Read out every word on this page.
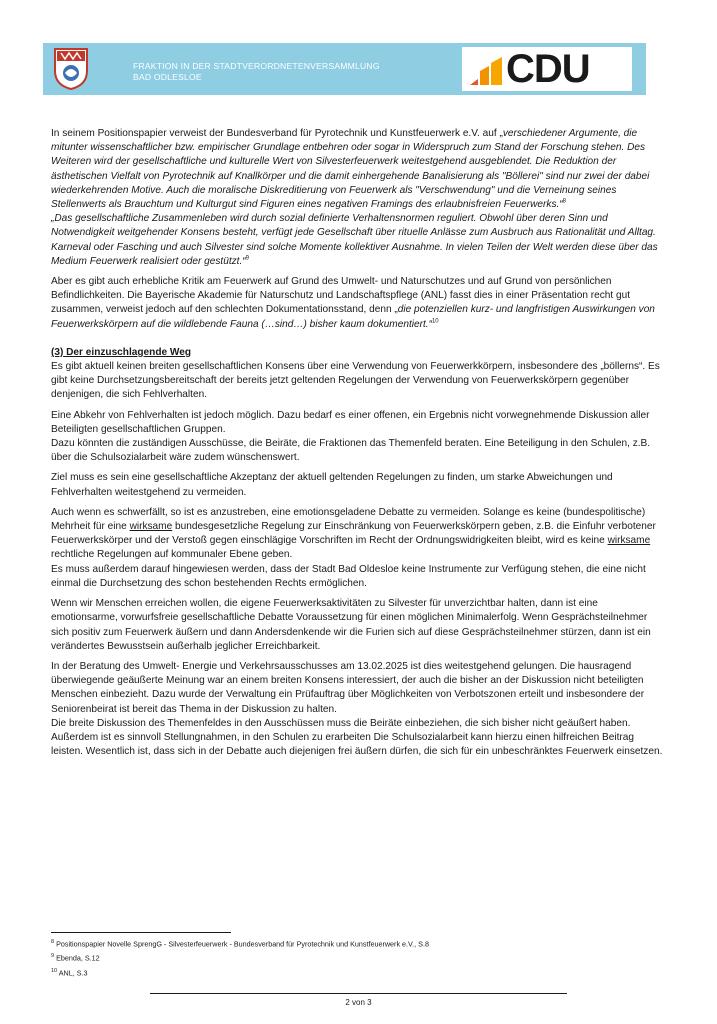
FRAKTION IN DER STADTVERORDNETENVERSAMMLUNG
BAD ODLESLOE	CDU

In seinem Positionspapier verweist der Bundesverband für Pyrotechnik und Kunstfeuerwerk e.V. auf „verschiedener Argumente, die mitunter wissenschaftlicher bzw. empirischer Grundlage entbehren oder sogar in Widerspruch zum Stand der Forschung stehen. Des Weiteren wird der gesellschaftliche und kulturelle Wert von Silvesterfeuerwerk weitestgehend ausgeblendet. Die Reduktion der ästhetischen Vielfalt von Pyrotechnik auf Knallkörper und die damit einhergehende Banalisierung als "Böllerei" sind nur zwei der dabei wiederkehrenden Motive. Auch die moralische Diskreditierung von Feuerwerk als "Verschwendung" und die Verneinung seines Stellenwerts als Brauchtum und Kulturgut sind Figuren eines negativen Framings des erlaubnisfreien Feuerwerks.“$^8$
„Das gesellschaftliche Zusammenleben wird durch sozial definierte Verhaltensnormen reguliert. Obwohl über deren Sinn und Notwendigkeit weitgehender Konsens besteht, verfügt jede Gesellschaft über rituelle Anlässe zum Ausbruch aus Rationalität und Alltag. Karneval oder Fasching und auch Silvester sind solche Momente kollektiver Ausnahme. In vielen Teilen der Welt werden diese über das Medium Feuerwerk realisiert oder gestützt.“$^9$

Aber es gibt auch erhebliche Kritik am Feuerwerk auf Grund des Umwelt- und Naturschutzes und auf Grund von persönlichen Befindlichkeiten. Die Bayerische Akademie für Naturschutz und Landschaftspflege (ANL) fasst dies in einer Präsentation recht gut zusammen, verweist jedoch auf den schlechten Dokumentationsstand, denn „die potenziellen kurz- und langfristigen Auswirkungen von Feuerwerkskörpern auf die wildlebende Fauna (…sind…) bisher kaum dokumentiert.“$^{10}$

(3) Der einzuschlagende Weg

Es gibt aktuell keinen breiten gesellschaftlichen Konsens über eine Verwendung von Feuerwerkkörpern, insbesondere des „böllerns“. Es gibt keine Durchsetzungsbereitschaft der bereits jetzt geltenden Regelungen der Verwendung von Feuerwerkskörpern gegenüber denjenigen, die sich Fehlverhalten.

Eine Abkehr von Fehlverhalten ist jedoch möglich. Dazu bedarf es einer offenen, ein Ergebnis nicht vorwegnehmende Diskussion aller Beteiligten gesellschaftlichen Gruppen.
Dazu könnten die zuständigen Ausschüsse, die Beiräte, die Fraktionen das Themenfeld beraten. Eine Beteiligung in den Schulen, z.B. über die Schulsozialarbeit wäre zudem wünschenswert.

Ziel muss es sein eine gesellschaftliche Akzeptanz der aktuell geltenden Regelungen zu finden, um starke Abweichungen und Fehlverhalten weitestgehend zu vermeiden.

Auch wenn es schwerfällt, so ist es anzustreben, eine emotionsgeladene Debatte zu vermeiden. Solange es keine (bundespolitische) Mehrheit für eine wirksame bundesgesetzliche Regelung zur Einschränkung von Feuerwerkskörpern geben, z.B. die Einfuhr verbotener Feuerwerkskörper und der Verstoß gegen einschlägige Vorschriften im Recht der Ordnungswidrigkeiten bleibt, wird es keine wirksame rechtliche Regelungen auf kommunaler Ebene geben.
Es muss außerdem darauf hingewiesen werden, dass der Stadt Bad Oldesloe keine Instrumente zur Verfügung stehen, die eine nicht einmal die Durchsetzung des schon bestehenden Rechts ermöglichen.

Wenn wir Menschen erreichen wollen, die eigene Feuerwerksaktivitäten zu Silvester für unverzichtbar halten, dann ist eine emotionsarme, vorwurfsfreie gesellschaftliche Debatte Voraussetzung für einen möglichen Minimalerfolg. Wenn Gesprächsteilnehmer sich positiv zum Feuerwerk äußern und dann Andersdenkende wir die Furien sich auf diese Gesprächsteilnehmer stürzen, dann ist ein verändertes Bewusstsein außerhalb jeglicher Erreichbarkeit.

In der Beratung des Umwelt- Energie und Verkehrsausschusses am 13.02.2025 ist dies weitestgehend gelungen. Die hausragend überwiegende geäußerte Meinung war an einem breiten Konsens interessiert, der auch die bisher an der Diskussion nicht beteiligten Menschen einbezieht. Dazu wurde der Verwaltung ein Prüfauftrag über Möglichkeiten von Verbotszonen erteilt und insbesondere der Seniorenbeirat ist bereit das Thema in der Diskussion zu halten.
Die breite Diskussion des Themenfeldes in den Ausschüssen muss die Beiräte einbeziehen, die sich bisher nicht geäußert haben. Außerdem ist es sinnvoll Stellungnahmen, in den Schulen zu erarbeiten Die Schulsozialarbeit kann hierzu einen hilfreichen Beitrag leisten. Wesentlich ist, dass sich in der Debatte auch diejenigen frei äußern dürfen, die sich für ein unbeschränktes Feuerwerk einsetzen.

$^8$ Positionspapier Novelle SprengG - Silvesterfeuerwerk - Bundesverband für Pyrotechnik und Kunstfeuerwerk e.V., S.8
$^9$ Ebenda, S.12
$^{10}$ ANL, S.3
2 von 3
